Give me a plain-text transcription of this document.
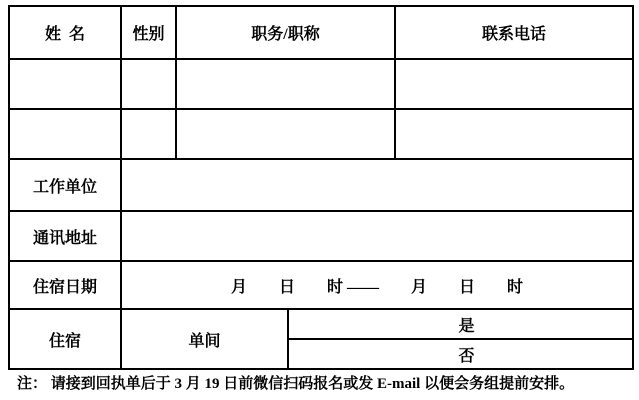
姓  名	性别	职务/职称		联系电话

工作单位				
通讯地址				
住宿日期	月        日        时 ——        月        日        时			
住宿	单间		是	
			否	
注： 请接到回执单后于 3 月 19 日前微信扫码报名或发 E-mail 以便会务组提前安排。
